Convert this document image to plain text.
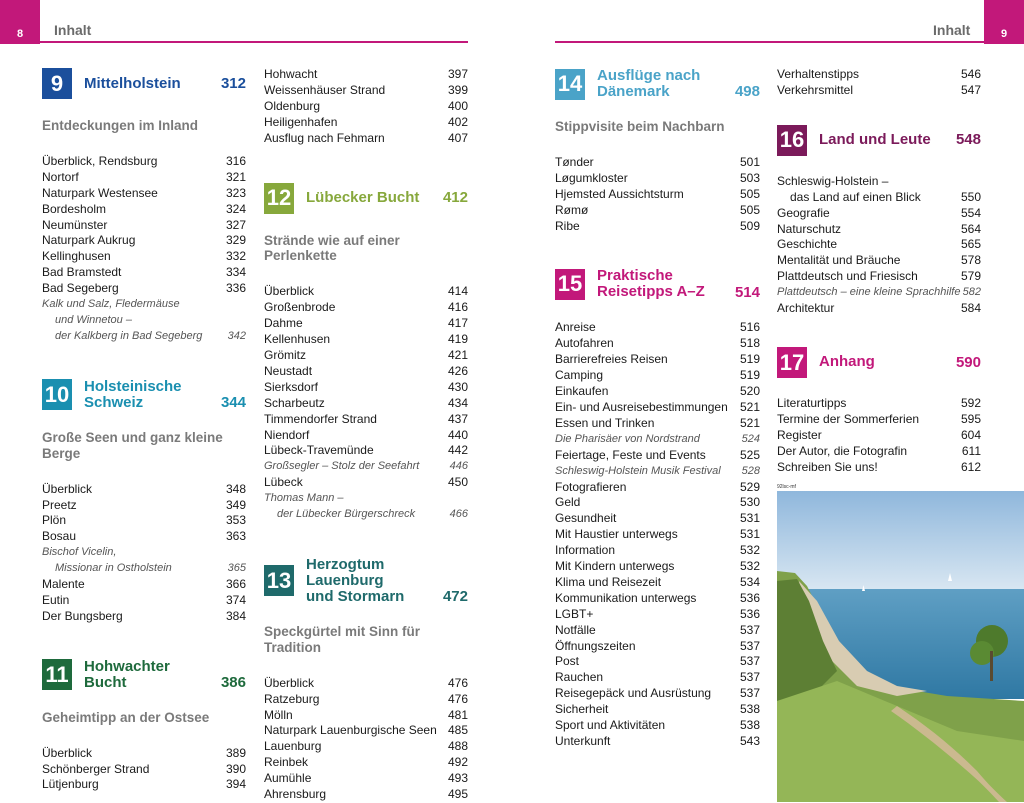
8 Inhalt	9
Inhalt
9	Mittelholstein	312
Entdeckungen im Inland
Überblick, Rendsburg	316
Nortorf	321
Naturpark Westensee	323
Bordesholm	324
Neumünster	327
Naturpark Aukrug	329
Kellinghusen	332
Bad Bramstedt	334
Bad Segeberg	336
Kalk und Salz, Fledermäuse
und Winnetou –
der Kalkberg in Bad Segeberg 342
10 Holsteinische
Schweiz	344
Große Seen und ganz kleine Berge
Überblick	348
Preetz	349
Plön	353
Bosau	363
Bischof Vicelin,
Missionar in Ostholstein	365
Malente	366
Eutin	374
Der Bungsberg	384
11 Hohwachter
Bucht	386
Geheimtipp an der Ostsee
Überblick	389
Schönberger Strand	390
Lütjenburg	394
Hohwacht	397
Weissenhäuser Strand	399
Oldenburg	400
Heiligenhafen	402
Ausflug nach Fehmarn	407
12 Lübecker Bucht	412
Strände wie auf einer Perlenkette
Überblick	414
Großenbrode	416
Dahme	417
Kellenhusen	419
Grömitz	421
Neustadt	426
Sierksdorf	430
Scharbeutz	434
Timmendorfer Strand	437
Niendorf	440
Lübeck-Travemünde	442
Großsegler – Stolz der Seefahrt	446
Lübeck	450
Thomas Mann –
der Lübecker Bürgerschreck	466
13
Herzogtum Lauenburg
und Stormarn	472
Speckgürtel mit Sinn für Tradition
Überblick	476
Ratzeburg	476
Mölln	481
Naturpark Lauenburgische Seen 485
Lauenburg	488
Reinbek	492
Aumühle	493
Ahrensburg	495
14 Ausflüge nach
Dänemark	498
Stippvisite beim Nachbarn
Tønder	501
Løgumkloster	503
Hjemsted Aussichtsturm	505
Rømø	505
Ribe	509
15 Praktische
Reisetipps A–Z	514
Anreise	516
Autofahren	518
Barrierefreies Reisen	519
Camping	519
Einkaufen	520
Ein- und Ausreisebestimmungen 521
Essen und Trinken	521
Die Pharisäer von Nordstrand	524
Feiertage, Feste und Events	525
Schleswig-Holstein Musik Festival 528
Fotografieren	529
Geld	530
Gesundheit	531
Mit Haustier unterwegs	531
Information	532
Mit Kindern unterwegs	532
Klima und Reisezeit	534
Kommunikation unterwegs	536
LGBT+	536
Notfälle	537
Öffnungszeiten	537
Post	537
Rauchen	537
Reisegepäck und Ausrüstung 537
Sicherheit	538
Sport und Aktivitäten	538
Unterkunft	543
Verhaltenstipps	546
Verkehrsmittel	547
16 Land und Leute	548
Schleswig-Holstein –
das Land auf einen Blick	550
Geografie	554
Naturschutz	564
Geschichte	565
Mentalität und Bräuche	578
Plattdeutsch und Friesisch	579
Plattdeutsch – eine kleine Sprachhilfe 582
Architektur	584
17 Anhang	590
Literaturtipps	592
Termine der Sommerferien	595
Register	604
Der Autor, die Fotografin	611
Schreiben Sie uns!	612
92lsc-mf
